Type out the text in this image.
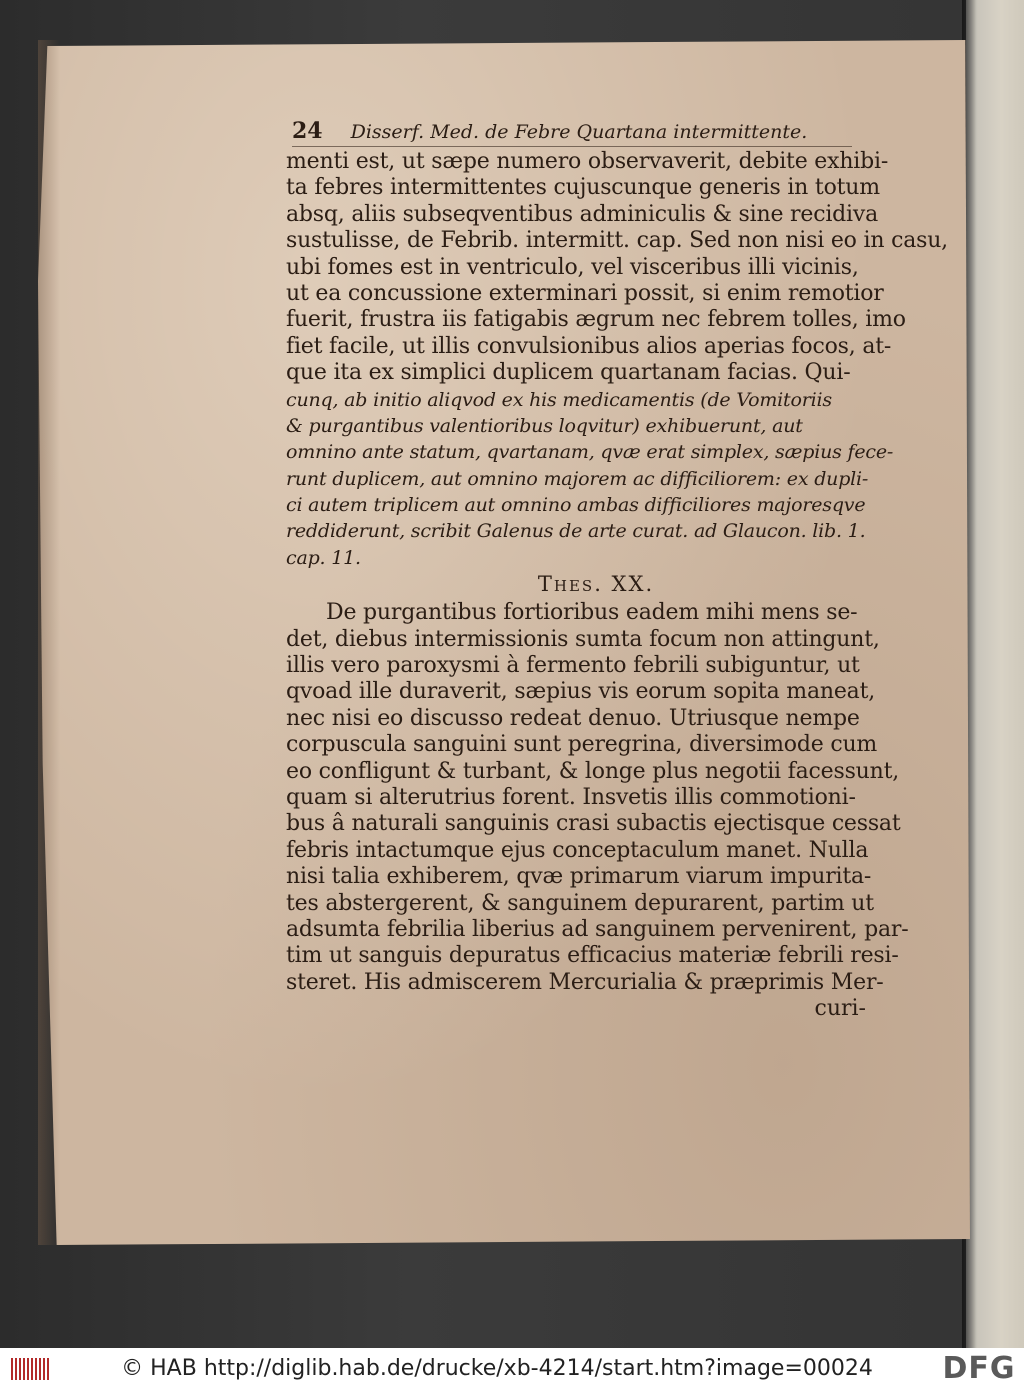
24 Disserf. Med. de Febre Quartana intermittente.
menti est, ut sæpe numero observaverit, debite exhibi-
ta febres intermittentes cujuscunque generis in totum
absq, aliis subseqventibus adminiculis & sine recidiva
sustulisse, de Febrib. intermitt. cap. Sed non nisi eo in casu,
ubi fomes est in ventriculo, vel visceribus illi vicinis,
ut ea concussione exterminari possit, si enim remotior
fuerit, frustra iis fatigabis ægrum nec febrem tolles, imo
fiet facile, ut illis convulsionibus alios aperias focos, at-
que ita ex simplici duplicem quartanam facias. Qui-
cunq, ab initio aliqvod ex his medicamentis (de Vomitoriis
& purgantibus valentioribus loqvitur) exhibuerunt, aut
omnino ante statum, qvartanam, qvæ erat simplex, sæpius fece-
runt duplicem, aut omnino majorem ac difficiliorem: ex dupli-
ci autem triplicem aut omnino ambas difficiliores majoresqve
reddiderunt, scribit Galenus de arte curat. ad Glaucon. lib. 1.
cap. 11.
Thes. XX.
De purgantibus fortioribus eadem mihi mens se-
det, diebus intermissionis sumta focum non attingunt,
illis vero paroxysmi à fermento febrili subiguntur, ut
qvoad ille duraverit, sæpius vis eorum sopita maneat,
nec nisi eo discusso redeat denuo. Utriusque nempe
corpuscula sanguini sunt peregrina, diversimode cum
eo confligunt & turbant, & longe plus negotii facessunt,
quam si alterutrius forent. Insvetis illis commotioni-
bus â naturali sanguinis crasi subactis ejectisque cessat
febris intactumque ejus conceptaculum manet. Nulla
nisi talia exhiberem, qvæ primarum viarum impurita-
tes abstergerent, & sanguinem depurarent, partim ut
adsumta febrilia liberius ad sanguinem pervenirent, par-
tim ut sanguis depuratus efficacius materiæ febrili resi-
steret. His admiscerem Mercurialia & præprimis Mer-
curi-
© HAB http://diglib.hab.de/drucke/xb-4214/start.htm?image=00024	DFG
